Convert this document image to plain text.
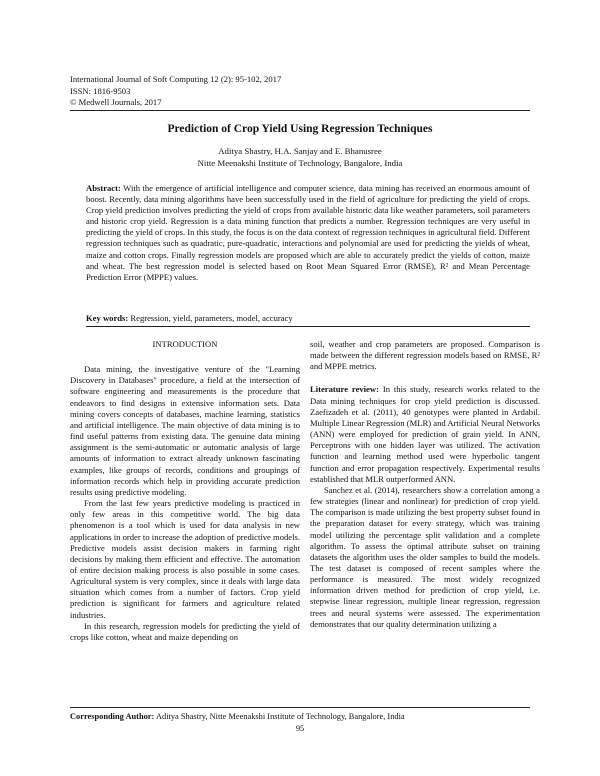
International Journal of Soft Computing 12 (2): 95-102, 2017
ISSN: 1816-9503
© Medwell Journals, 2017
Prediction of Crop Yield Using Regression Techniques
Aditya Shastry, H.A. Sanjay and E. Bhanusree
Nitte Meenakshi Institute of Technology, Bangalore, India
Abstract: With the emergence of artificial intelligence and computer science, data mining has received an enormous amount of boost. Recently, data mining algorithms have been successfully used in the field of agriculture for predicting the yield of crops. Crop yield prediction involves predicting the yield of crops from available historic data like weather parameters, soil parameters and historic crop yield. Regression is a data mining function that predicts a number. Regression techniques are very useful in predicting the yield of crops. In this study, the focus is on the data context of regression techniques in agricultural field. Different regression techniques such as quadratic, pure-quadratic, interactions and polynomial are used for predicting the yields of wheat, maize and cotton crops. Finally regression models are proposed which are able to accurately predict the yields of cotton, maize and wheat. The best regression model is selected based on Root Mean Squared Error (RMSE), R² and Mean Percentage Prediction Error (MPPE) values.
Key words: Regression, yield, parameters, model, accuracy
INTRODUCTION

Data mining, the investigative venture of the "Learning Discovery in Databases" procedure, a field at the intersection of software engineering and measurements is the procedure that endeavors to find designs in extensive information sets. Data mining covers concepts of databases, machine learning, statistics and artificial intelligence. The main objective of data mining is to find useful patterns from existing data. The genuine data mining assignment is the semi-automatic or automatic analysis of large amounts of information to extract already unknown fascinating examples, like groups of records, conditions and groupings of information records which help in providing accurate prediction results using predictive modeling.

From the last few years predictive modeling is practiced in only few areas in this competitive world. The big data phenomenon is a tool which is used for data analysis in new applications in order to increase the adoption of predictive models. Predictive models assist decision makers in farming right decisions by making them efficient and effective. The automation of entire decision making process is also possible in some cases. Agricultural system is very complex, since it deals with large data situation which comes from a number of factors. Crop yield prediction is significant for farmers and agriculture related industries.

In this research, regression models for predicting the yield of crops like cotton, wheat and maize depending on

soil, weather and crop parameters are proposed. Comparison is made between the different regression models based on RMSE, R² and MPPE metrics.

Literature review: In this study, research works related to the Data mining techniques for crop yield prediction is discussed. Zaefizadeh et al. (2011), 40 genotypes were planted in Ardabil. Multiple Linear Regression (MLR) and Artificial Neural Networks (ANN) were employed for prediction of grain yield. In ANN, Perceptrons with one hidden layer was utilized. The activation function and learning method used were hyperbolic tangent function and error propagation respectively. Experimental results established that MLR outperformed ANN.

Sanchez et al. (2014), researchers show a correlation among a few strategies (linear and nonlinear) for prediction of crop yield. The comparison is made utilizing the best property subset found in the preparation dataset for every strategy, which was training model utilizing the percentage split validation and a complete algorithm. To assess the optimal attribute subset on training datasets the algorithm uses the older samples to build the models. The test dataset is composed of recent samples where the performance is measured. The most widely recognized information driven method for prediction of crop yield, i.e. stepwise linear regression, multiple linear regression, regression trees and neural systems were assessed. The experimentation demonstrates that our quality determination utilizing a

Corresponding Author: Aditya Shastry, Nitte Meenakshi Institute of Technology, Bangalore, India
95
